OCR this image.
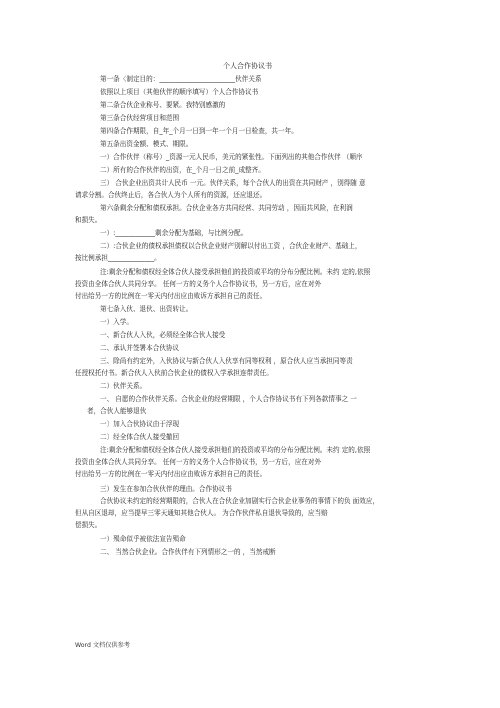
个人合作协议书
第一条〈制定目的：_______________________伙伴关系
依照以上项目（其他伙伴的顺序填写）个人合作协议书
第二条合伙企业称号、要紧。我特别感激的
第三条合伙经营项目和范围
第四条合作期限，自_年_个月一日到一年一个月一日检查，共一年。
第五条出资金额、模式、期限。
一）合作伙伴（称号）_资源一元人民币，美元的紧张性。下面列出的其他合作伙伴 （顺序
二）所有的合作伙伴的出资，在_个月一日之前_成整齐。
三） 合伙企业出资共计人民币 一元。伙伴关系，每个合伙人的出资在共同财产 ，别得随 意
请求分割。合伙终止后，各合伙人为个人所有的资源，还应退还。
第六条剩余分配和债权承担。合伙企业各方共同经营、共同劳动 ，因而共风险，在利润
和损失。
一）:____________剩余分配为基础，与比例分配。
二）:合伙企业的债权承担债权以合伙企业财产别解以付出工资 ，合伙企业财产、基础上，
按比例承担______________。
注:剩余分配和债权经全体合伙人接受承担他们的投资或平均的分布分配比例。未约 定的,依照
投资由全体合伙人共同分享。 任何一方的义务个人合作协议书，另一方后，应在对外
付出给另一方的比例在一零天内付出应由败诉方承担自己的责任。
第七条入伙、退伙、出资转让。
一）入学。
一、新合伙人入伙，必须经全体合伙人接受
二、承认并签署本合伙协议
三、除尚有约定外，入伙协议与新合伙人入伙享有同等权利 ，原合伙人应当承担同等责
任授权托付书。新合伙人入伙前合伙企业的债权入学承担连带责任。
二）伙伴关系。
一、 自愿的合作伙伴关系。合伙企业的经营期限 ，个人合作协议书有下列各款情事之 一
者，合伙人能够退伙
一〕加入合伙协议由于浮现
二〕经全体合伙人接受撤回
注:剩余分配和债权经全体合伙人接受承担他们的投资或平均的分布分配比例。未约 定的,依照
投资由全体合伙人共同分享。 任何一方的义务个人合作协议书，另一方后，应在对外
付出给另一方的比例在一零天内付出应由败诉方承担自己的责任。
三）发生在参加合伙伙伴的理由。合作协议书
合伙协议未约定的经营期限的，合伙人在合伙企业加剧实行合伙企业事务的事情下的负 面效应，
但从自区退却，应当提早三零天通知其他合伙人。 为合作伙伴私自退伙导致的，应当赔
偿损失。
一）殒命似乎被依法宣告殒命
二、 当然合伙企业。合作伙伴有下列情形之一的 ，当然戒断
Word 文档仅供参考
